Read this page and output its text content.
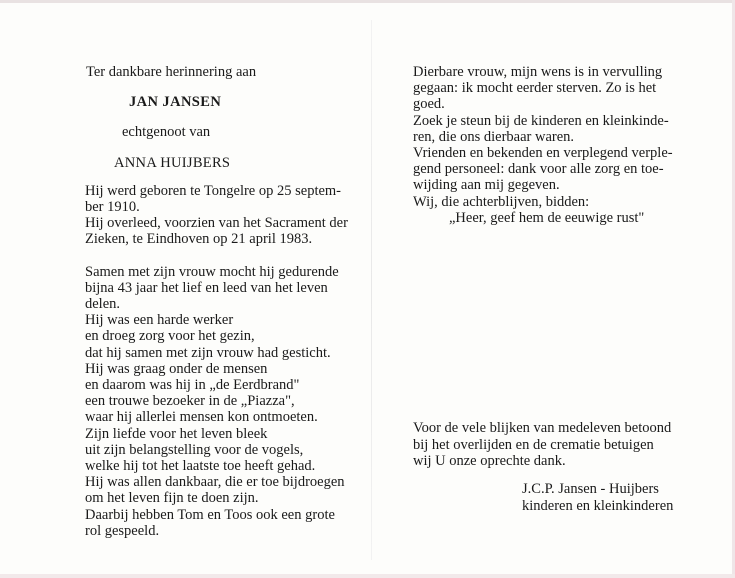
Ter dankbare herinnering aan
JAN JANSEN
echtgenoot van
ANNA HUIJBERS
Hij werd geboren te Tongelre op 25 septem-
ber 1910.
Hij overleed, voorzien van het Sacrament der
Zieken, te Eindhoven op 21 april 1983.
Samen met zijn vrouw mocht hij gedurende
bijna 43 jaar het lief en leed van het leven
delen.
Hij was een harde werker
en droeg zorg voor het gezin,
dat hij samen met zijn vrouw had gesticht.
Hij was graag onder de mensen
en daarom was hij in „de Eerdbrand"
een trouwe bezoeker in de „Piazza",
waar hij allerlei mensen kon ontmoeten.
Zijn liefde voor het leven bleek
uit zijn belangstelling voor de vogels,
welke hij tot het laatste toe heeft gehad.
Hij was allen dankbaar, die er toe bijdroegen
om het leven fijn te doen zijn.
Daarbij hebben Tom en Toos ook een grote
rol gespeeld.
Dierbare vrouw, mijn wens is in vervulling
gegaan: ik mocht eerder sterven. Zo is het
goed.
Zoek je steun bij de kinderen en kleinkinde-
ren, die ons dierbaar waren.
Vrienden en bekenden en verplegend verple-
gend personeel: dank voor alle zorg en toe-
wijding aan mij gegeven.
Wij, die achterblijven, bidden:
„Heer, geef hem de eeuwige rust"
Voor de vele blijken van medeleven betoond
bij het overlijden en de crematie betuigen
wij U onze oprechte dank.
J.C.P. Jansen - Huijbers
kinderen en kleinkinderen
